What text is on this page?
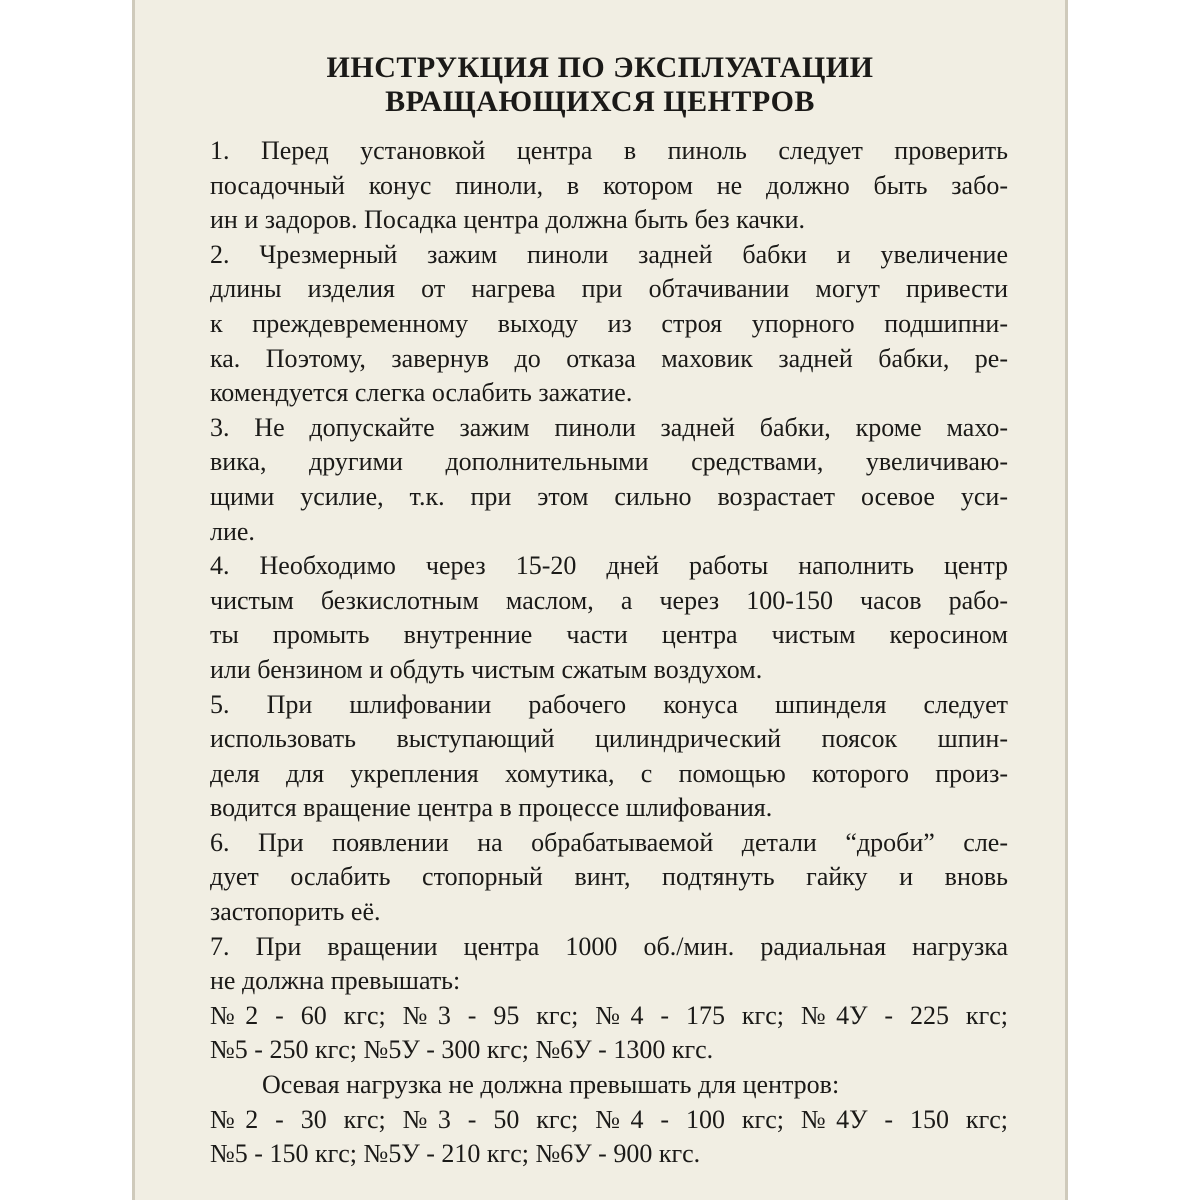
ИНСТРУКЦИЯ ПО ЭКСПЛУАТАЦИИ
ВРАЩАЮЩИХСЯ ЦЕНТРОВ
1. Перед установкой центра в пиноль следует проверить
посадочный конус пиноли, в котором не должно быть забо-
ин и задоров. Посадка центра должна быть без качки.
2. Чрезмерный зажим пиноли задней бабки и увеличение
длины изделия от нагрева при обтачивании могут привести
к преждевременному выходу из строя упорного подшипни-
ка. Поэтому, завернув до отказа маховик задней бабки, ре-
комендуется слегка ослабить зажатие.
3. Не допускайте зажим пиноли задней бабки, кроме махо-
вика, другими дополнительными средствами, увеличиваю-
щими усилие, т.к. при этом сильно возрастает осевое уси-
лие.
4. Необходимо через 15-20 дней работы наполнить центр
чистым безкислотным маслом, а через 100-150 часов рабо-
ты промыть внутренние части центра чистым керосином
или бензином и обдуть чистым сжатым воздухом.
5. При шлифовании рабочего конуса шпинделя следует
использовать выступающий цилиндрический поясок шпин-
деля для укрепления хомутика, с помощью которого произ-
водится вращение центра в процессе шлифования.
6. При появлении на обрабатываемой детали “дроби” сле-
дует ослабить стопорный винт, подтянуть гайку и вновь
застопорить её.
7. При вращении центра 1000 об./мин. радиальная нагрузка
не должна превышать:
№2 - 60 кгс; №3 - 95 кгс; №4 - 175 кгс; №4У - 225 кгс;
№5 - 250 кгс; №5У - 300 кгс; №6У - 1300 кгс.
Осевая нагрузка не должна превышать для центров:
№2 - 30 кгс; №3 - 50 кгс; №4 - 100 кгс; №4У - 150 кгс;
№5 - 150 кгс; №5У - 210 кгс; №6У - 900 кгс.
